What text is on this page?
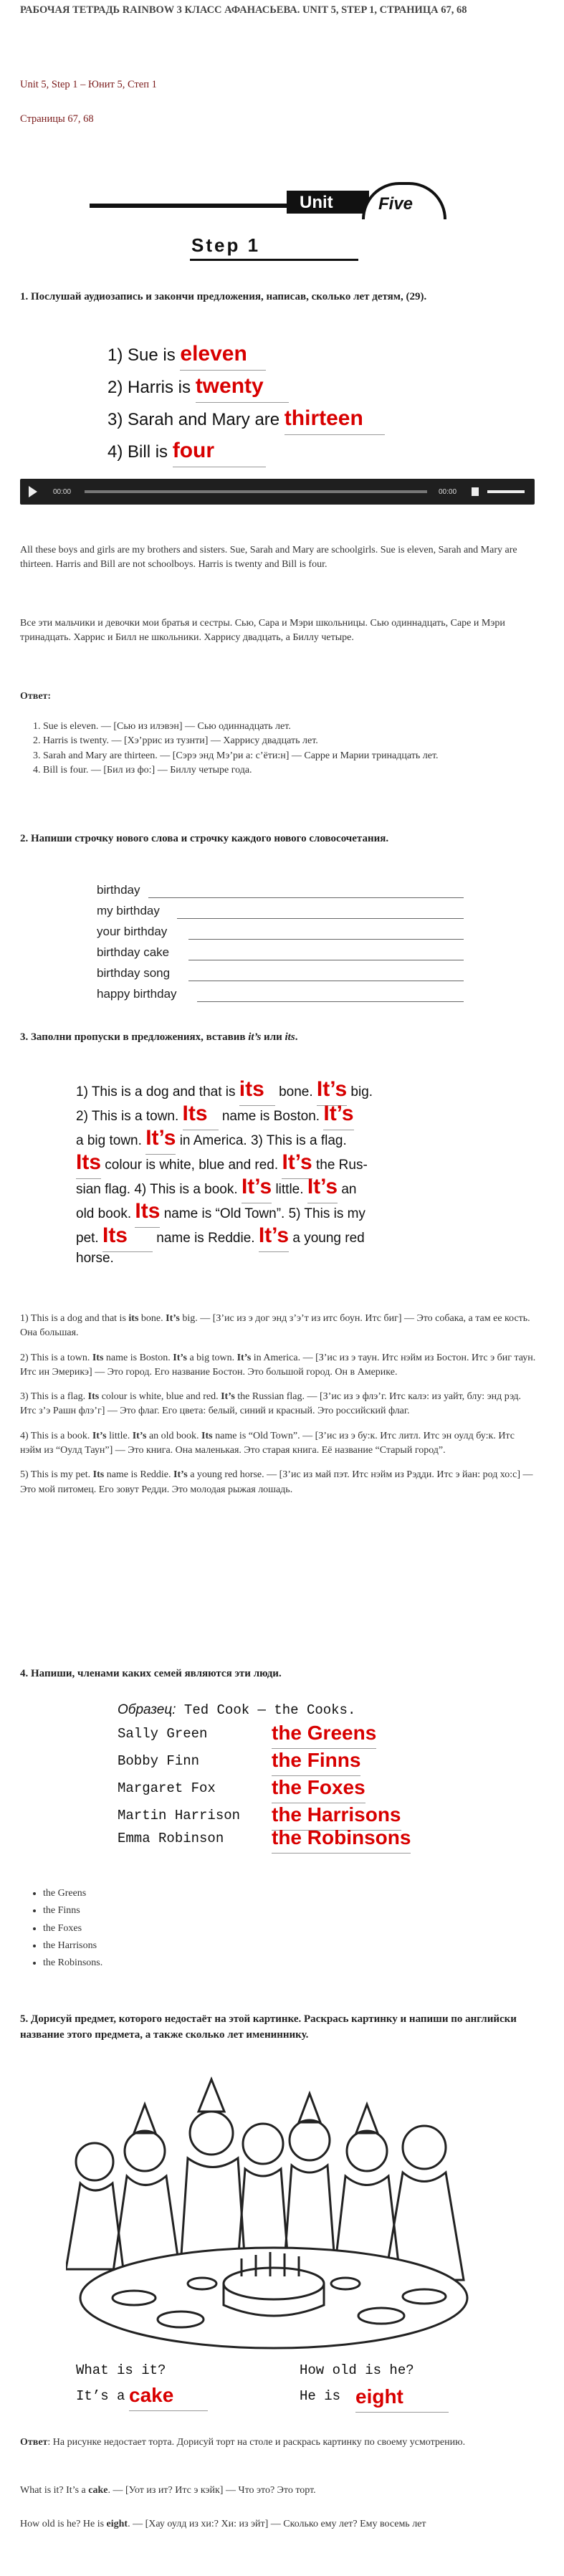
РАБОЧАЯ ТЕТРАДЬ RAINBOW 3 КЛАСС АФАНАСЬЕВА. UNIT 5, STEP 1, СТРАНИЦА 67, 68

Unit 5, Step 1 – Юнит 5, Степ 1

Страницы 67, 68

Unit	Five
Step 1

1. Послушай аудиозапись и закончи предложения, написав, сколько лет детям, (29).

1) Sue is eleven
2) Harris is twenty
3) Sarah and Mary are thirteen
4) Bill is four
00:00	00:00

All these boys and girls are my brothers and sisters. Sue, Sarah and Mary are schoolgirls. Sue is eleven, Sarah and Mary are thirteen. Harris and Bill are not schoolboys. Harris is twenty and Bill is four.

Все эти мальчики и девочки мои братья и сестры. Сью, Сара и Мэри школьницы. Сью одиннадцать, Саре и Мэри тринадцать. Харрис и Билл не школьники. Харрису двадцать, а Биллу четыре.

Ответ:

1. Sue is eleven. — [Сью из илэвэн] — Сью одиннадцать лет.
2. Harris is twenty. — [Хэ’ррис из тузнти] — Харрису двадцать лет.
3. Sarah and Mary are thirteen. — [Сэрэ энд Мэ’ри а: с’ёти:н] — Сарре и Марии тринадцать лет.
4. Bill is four. — [Бил из фо:] — Биллу четыре года.

2. Напиши строчку нового слова и строчку каждого нового словосочетания.

birthday
my birthday
your birthday
birthday cake
birthday song
happy birthday

3. Заполни пропуски в предложениях, вставив it’s или its.

1) This is a dog and that is its bone. It’s big.
2) This is a town. Its name is Boston. It’s
a big town. It’s in America. 3) This is a flag.
Its colour is white, blue and red. It’s the Rus-
sian flag. 4) This is a book. It’s little. It’s an
old book. Its name is “Old Town”. 5) This is my
pet. Its name is Reddie. It’s a young red
horse.

1) This is a dog and that is its bone. It’s big. — [З’ис из э дог энд з’э’т из итс боун. Итс биг] — Это собака, а там ее кость. Она большая.

2) This is a town. Its name is Boston. It’s a big town. It’s in America. — [З’ис из э таун. Итс нэйм из Бостон. Итс э биг таун. Итс ин Эмерикэ] — Это город. Его название Бостон. Это большой город. Он в Америке.

3) This is a flag. Its colour is white, blue and red. It’s the Russian flag. — [З’ис из э флэ’г. Итс калэ: из уайт, блу: энд рэд. Итс з’э Рашн флэ’г] — Это флаг. Его цвета: белый, синий и красный. Это российский флаг.

4) This is a book. It’s little. It’s an old book. Its name is “Old Town”. — [З’ис из э бу:к. Итс литл. Итс эн оулд бу:к. Итс нэйм из “Оулд Таун”] — Это книга. Она маленькая. Это старая книга. Её название “Старый город”.

5) This is my pet. Its name is Reddie. It’s a young red horse. — [З’ис из май пэт. Итс нэйм из Рэдди. Итс э йан: род хо:с] — Это мой питомец. Его зовут Редди. Это молодая рыжая лошадь.

4. Напиши, членами каких семей являются эти люди.

Образец: Ted Cook — the Cooks.
Sally Green	the Greens
Bobby Finn	the Finns
Margaret Fox	the Foxes
Martin Harrison the Harrisons
Emma Robinson the Robinsons
• the Greens
• the Finns
• the Foxes
• the Harrisons
• the Robinsons.

5. Дорисуй предмет, которого недостаёт на этой картинке. Раскрась картинку и напиши по английски название этого предмета, а также сколько лет имениннику.

What is it?
It’s a cake
How old is he?
He is eight

Ответ: На рисунке недостает торта. Дорисуй торт на столе и раскрась картинку по своему усмотрению.

What is it? It’s a cake. — [Уот из ит? Итс э кэйк] — Что это? Это торт.

How old is he? He is eight. — [Хау оулд из хи:? Хи: из эйт] — Сколько ему лет? Ему восемь лет
